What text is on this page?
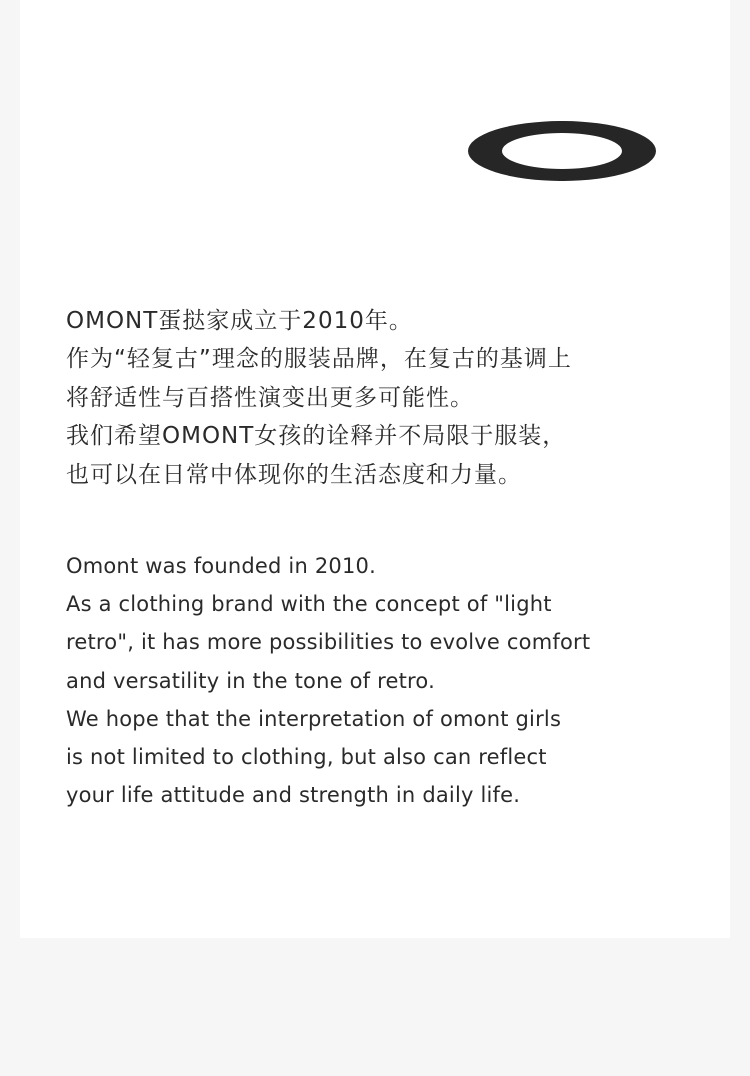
OMONT蛋挞家成立于2010年。
作为“轻复古”理念的服装品牌，在复古的基调上
将舒适性与百搭性演变出更多可能性。
我们希望OMONT女孩的诠释并不局限于服装，
也可以在日常中体现你的生活态度和力量。
Omont was founded in 2010.
As a clothing brand with the concept of "light
retro", it has more possibilities to evolve comfort
and versatility in the tone of retro.
We hope that the interpretation of omont girls
is not limited to clothing, but also can reflect
your life attitude and strength in daily life.
